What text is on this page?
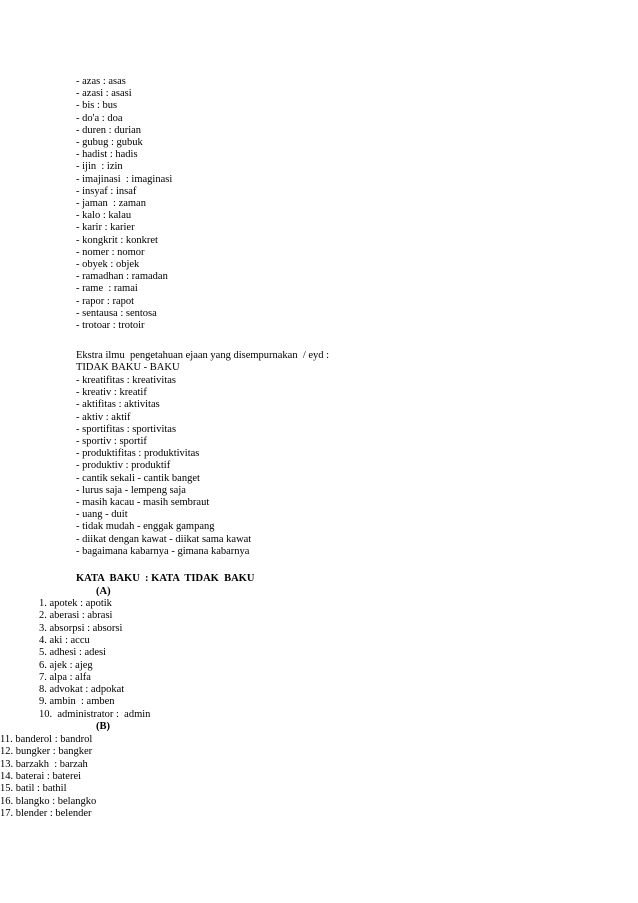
- azas : asas
- azasi : asasi
- bis : bus
- do'a : doa
- duren : durian
- gubug : gubuk
- hadist : hadis
- ijin  : izin
- imajinasi  : imaginasi
- insyaf : insaf
- jaman  : zaman
- kalo : kalau
- karir : karier
- kongkrit : konkret
- nomer : nomor
- obyek : objek
- ramadhan : ramadan
- rame  : ramai
- rapor : rapot
- sentausa : sentosa
- trotoar : trotoir
Ekstra ilmu  pengetahuan ejaan yang disempurnakan  / eyd :
TIDAK BAKU - BAKU
- kreatifitas : kreativitas
- kreativ : kreatif
- aktifitas : aktivitas
- aktiv : aktif
- sportifitas : sportivitas
- sportiv : sportif
- produktifitas : produktivitas
- produktiv : produktif
- cantik sekali - cantik banget
- lurus saja - lempeng saja
- masih kacau - masih sembraut
- uang - duit
- tidak mudah - enggak gampang
- diikat dengan kawat - diikat sama kawat
- bagaimana kabarnya - gimana kabarnya
KATA  BAKU  : KATA  TIDAK  BAKU
(A)
1. apotek : apotik
2. aberasi : abrasi
3. absorpsi : absorsi
4. aki : accu
5. adhesi : adesi
6. ajek : ajeg
7. alpa : alfa
8. advokat : adpokat
9. ambin  : amben
10.  administrator :  admin
(B)
11. banderol : bandrol
12. bungker : bangker
13. barzakh  : barzah
14. baterai : baterei
15. batil : bathil
16. blangko : belangko
17. blender : belender
